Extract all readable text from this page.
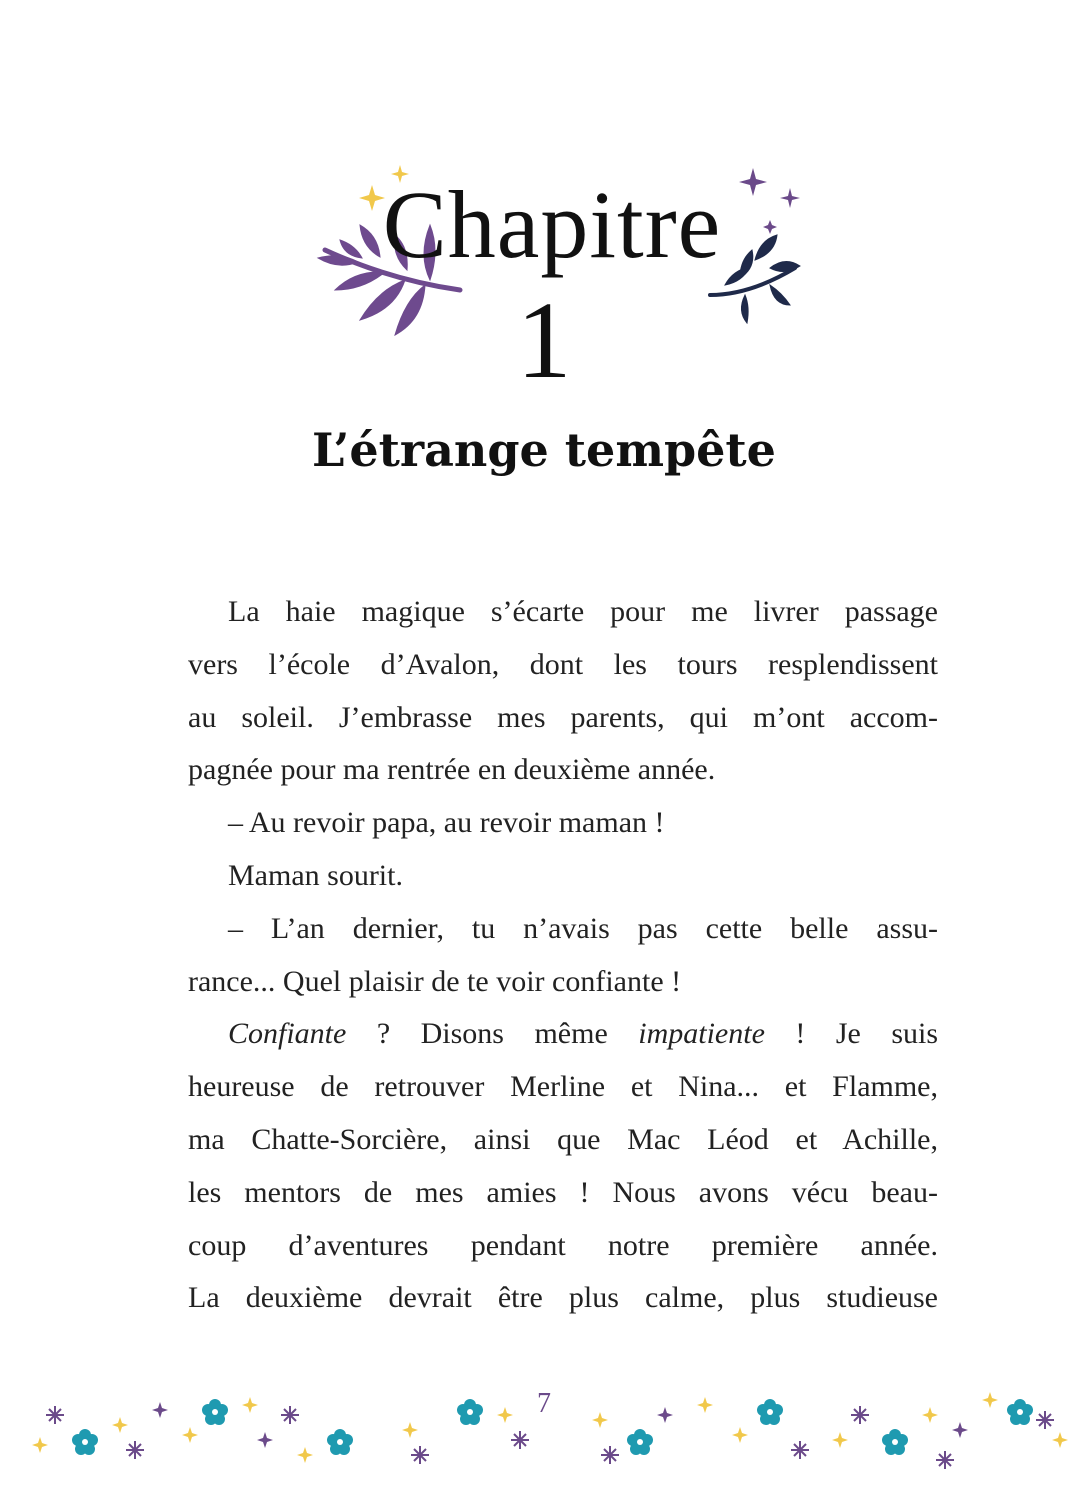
Chapitre
1
L’étrange tempête
La haie magique s’écarte pour me livrer passage
vers l’école d’Avalon, dont les tours resplendissent
au soleil. J’embrasse mes parents, qui m’ont accom-
pagnée pour ma rentrée en deuxième année.
– Au revoir papa, au revoir maman !
Maman sourit.
– L’an dernier, tu n’avais pas cette belle assu-
rance... Quel plaisir de te voir confiante !
Confiante ? Disons même impatiente ! Je suis
heureuse de retrouver Merline et Nina... et Flamme,
ma Chatte-Sorcière, ainsi que Mac Léod et Achille,
les mentors de mes amies ! Nous avons vécu beau-
coup d’aventures pendant notre première année.
La deuxième devrait être plus calme, plus studieuse
7
